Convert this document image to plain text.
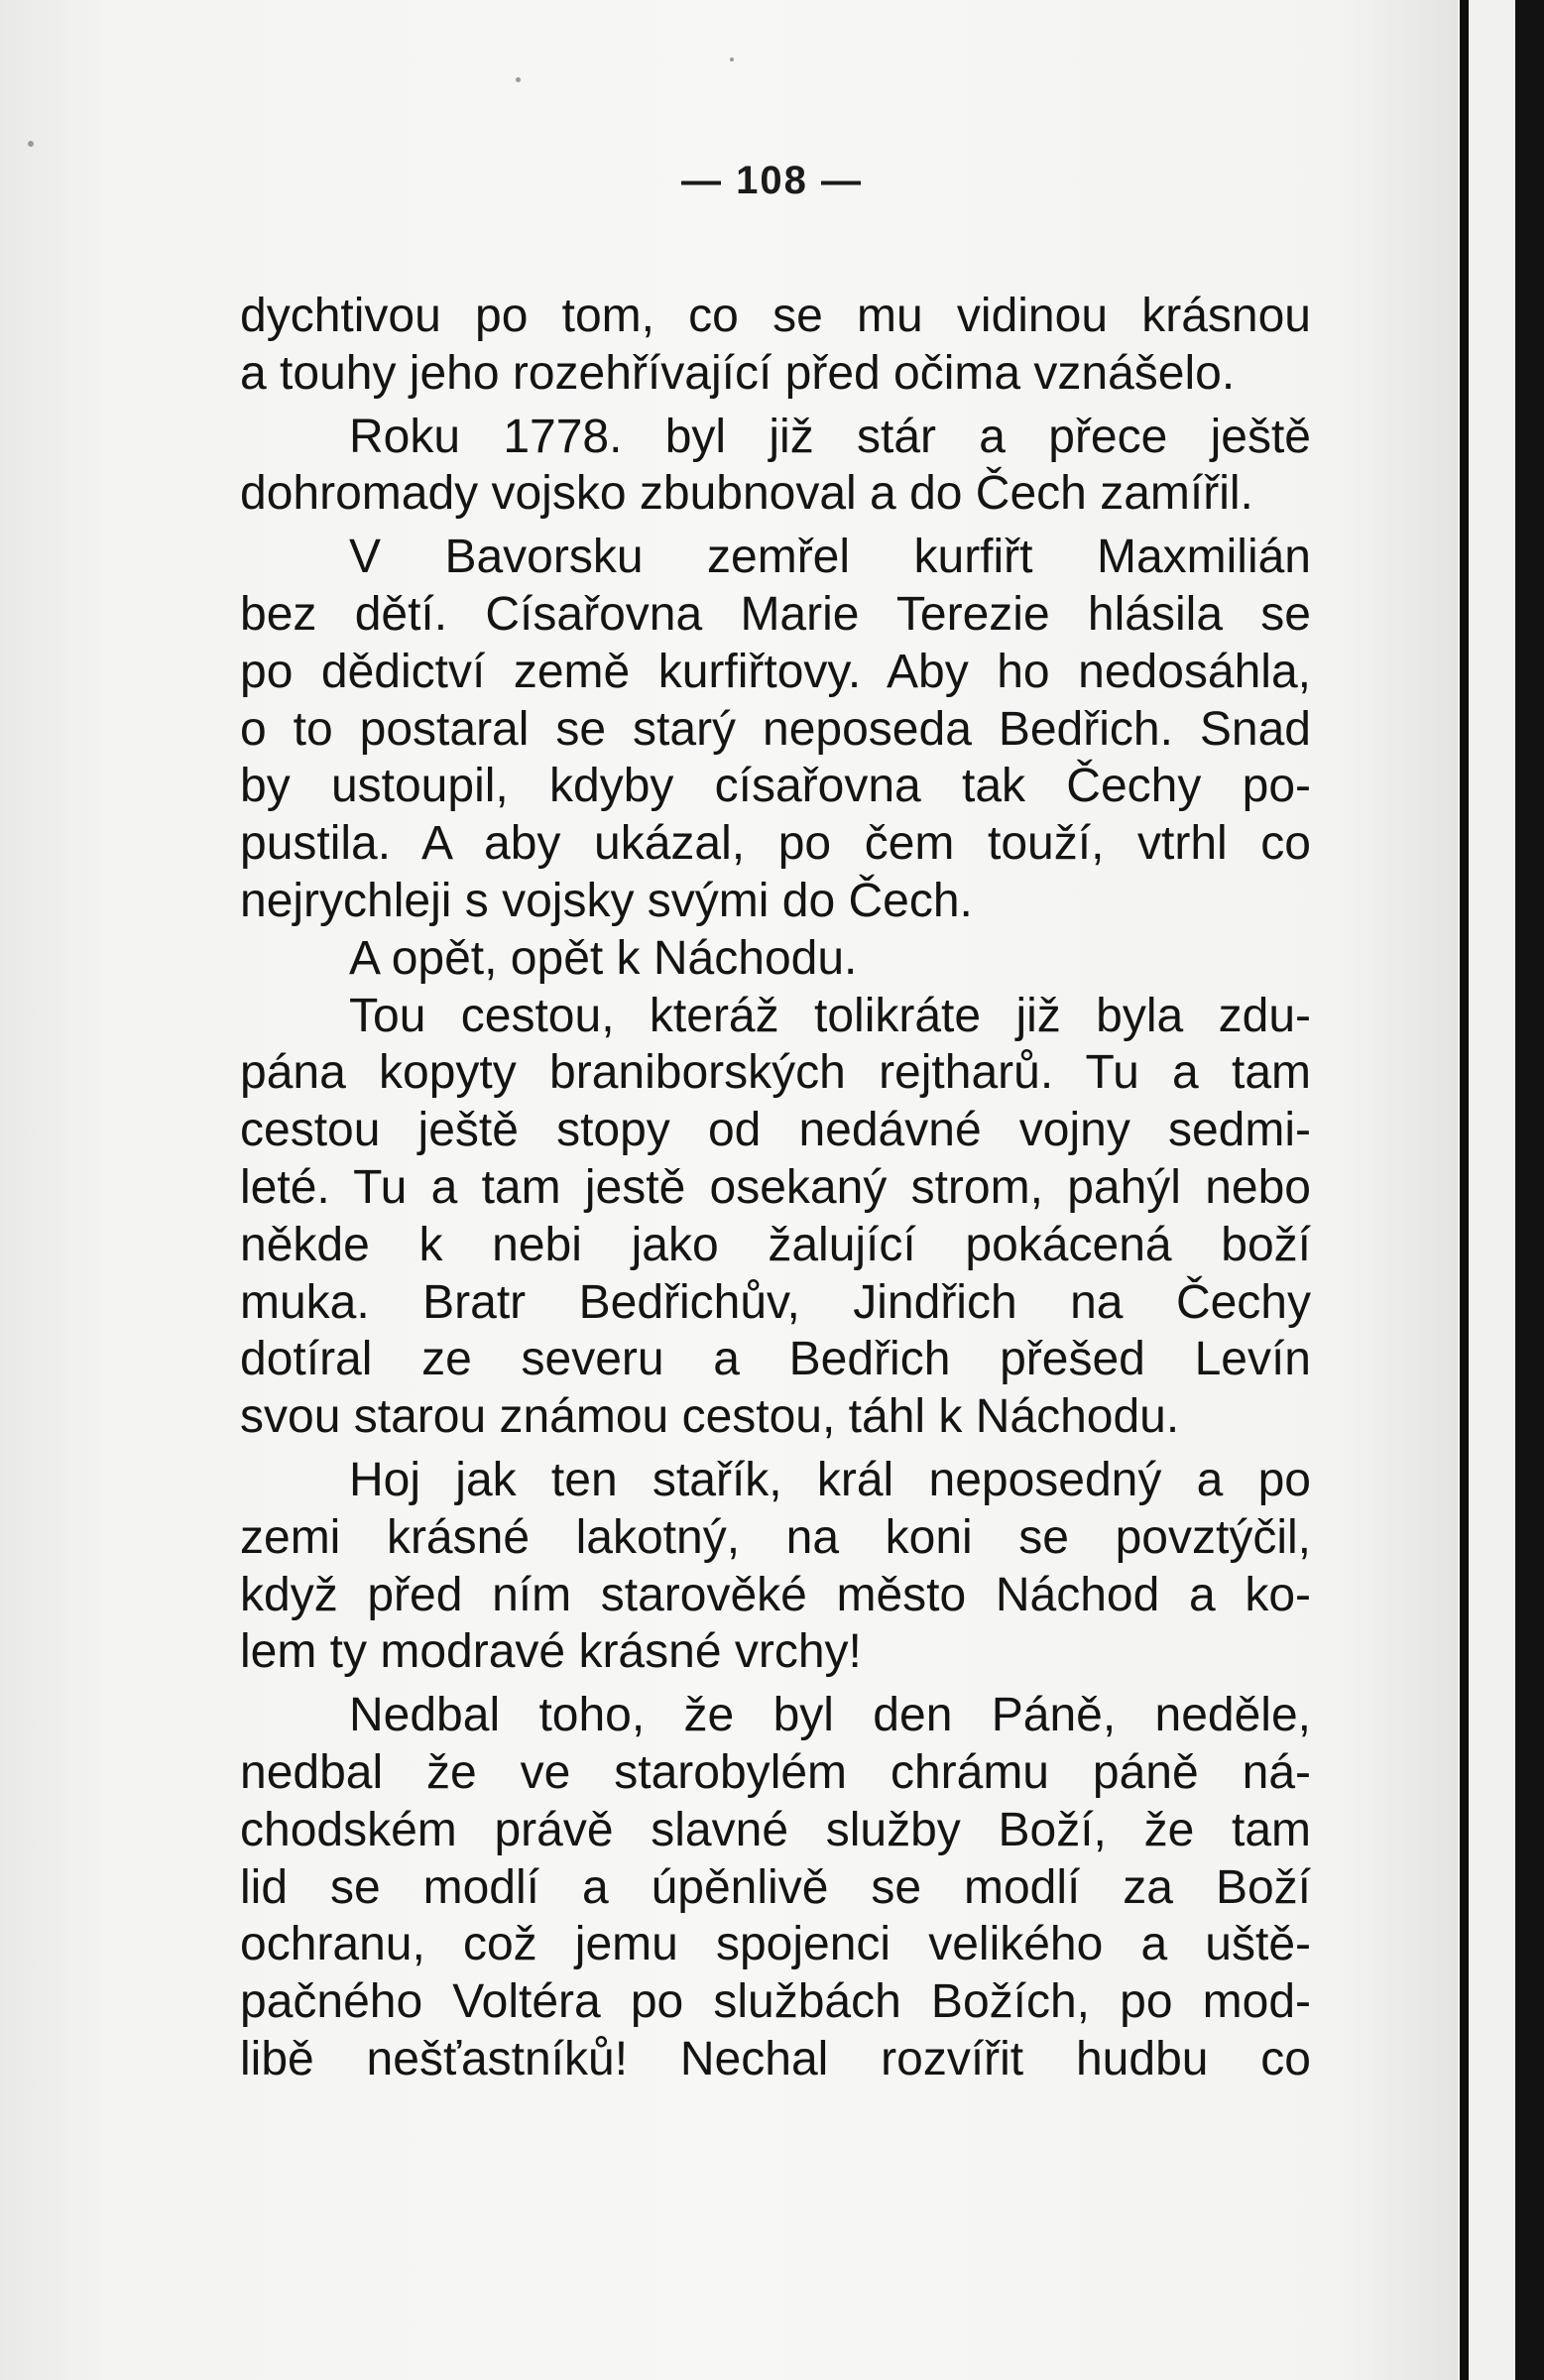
— 108 —
dychtivou po tom, co se mu vidinou krásnou
a touhy jeho rozehřívající před očima vznášelo.
Roku 1778. byl již stár a přece ještě
dohromady vojsko zbubnoval a do Čech zamířil.
V Bavorsku zemřel kurfiřt Maxmilián
bez dětí. Císařovna Marie Terezie hlásila se
po dědictví země kurfiřtovy. Aby ho nedosáhla,
o to postaral se starý neposeda Bedřich. Snad
by ustoupil, kdyby císařovna tak Čechy po-
pustila. A aby ukázal, po čem touží, vtrhl co
nejrychleji s vojsky svými do Čech.
A opět, opět k Náchodu.
Tou cestou, kteráž tolikráte již byla zdu-
pána kopyty braniborských rejtharů. Tu a tam
cestou ještě stopy od nedávné vojny sedmi-
leté. Tu a tam jestě osekaný strom, pahýl nebo
někde k nebi jako žalující pokácená boží
muka. Bratr Bedřichův, Jindřich na Čechy
dotíral ze severu a Bedřich přešed Levín
svou starou známou cestou, táhl k Náchodu.
Hoj jak ten stařík, král neposedný a po
zemi krásné lakotný, na koni se povztýčil,
když před ním starověké město Náchod a ko-
lem ty modravé krásné vrchy!
Nedbal toho, že byl den Páně, neděle,
nedbal že ve starobylém chrámu páně ná-
chodském právě slavné služby Boží, že tam
lid se modlí a úpěnlivě se modlí za Boží
ochranu, což jemu spojenci velikého a uště-
pačného Voltéra po službách Božích, po mod-
libě nešťastníků! Nechal rozvířit hudbu co
